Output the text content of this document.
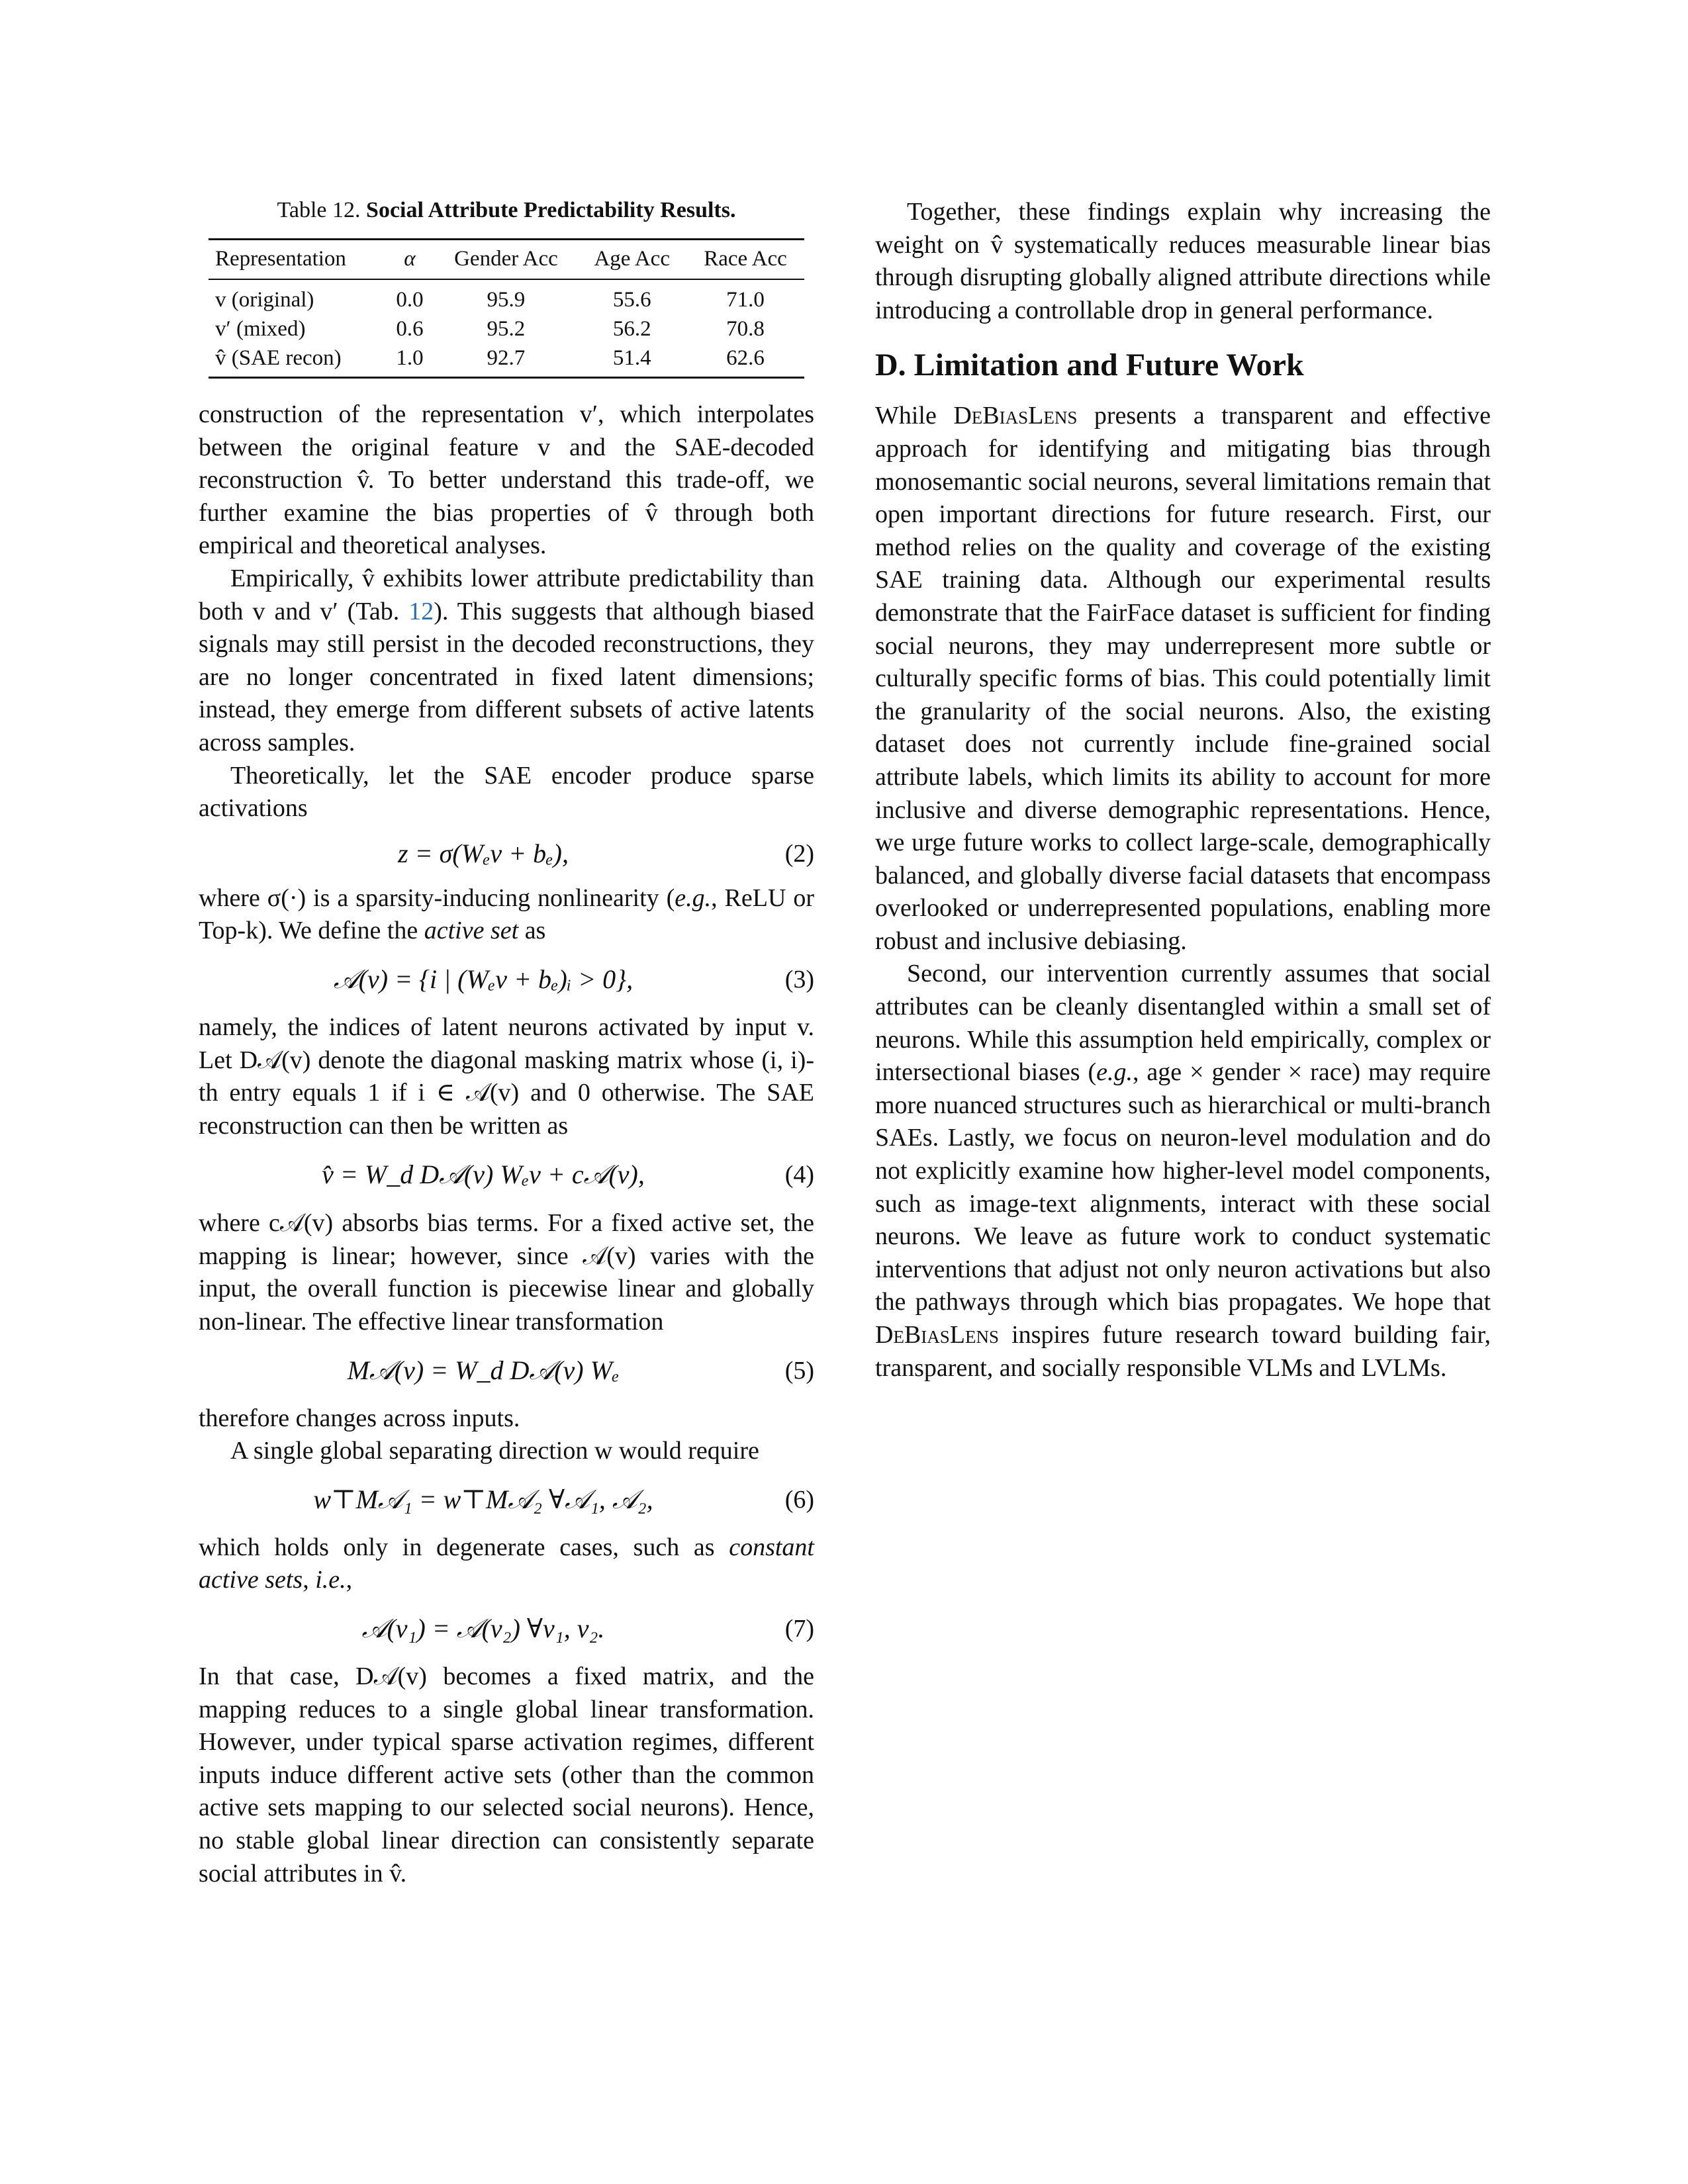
Table 12. Social Attribute Predictability Results.
Representation	α	Gender Acc	Age Acc	Race Acc
v (original)	0.0	95.9	55.6	71.0
v′ (mixed)	0.6	95.2	56.2	70.8
v̂ (SAE recon)	1.0	92.7	51.4	62.6

construction of the representation v′, which interpolates between the original feature v and the SAE-decoded reconstruction v̂. To better understand this trade-off, we further examine the bias properties of v̂ through both empirical and theoretical analyses.

Empirically, v̂ exhibits lower attribute predictability than both v and v′ (Tab. 12). This suggests that although biased signals may still persist in the decoded reconstructions, they are no longer concentrated in fixed latent dimensions; instead, they emerge from different subsets of active latents across samples.

Theoretically, let the SAE encoder produce sparse activations

z = σ(Wₑv + bₑ),	(2)

where σ(·) is a sparsity-inducing nonlinearity (e.g., ReLU or Top-k). We define the active set as

𝒜(v) = {i | (Wₑv + bₑ)ᵢ > 0},	(3)

namely, the indices of latent neurons activated by input v. Let D𝒜(v) denote the diagonal masking matrix whose (i, i)-th entry equals 1 if i ∈ 𝒜(v) and 0 otherwise. The SAE reconstruction can then be written as

v̂ = W_d D𝒜(v) Wₑv + c𝒜(v),	(4)

where c𝒜(v) absorbs bias terms. For a fixed active set, the mapping is linear; however, since 𝒜(v) varies with the input, the overall function is piecewise linear and globally non-linear. The effective linear transformation

M𝒜(v) = W_d D𝒜(v) Wₑ	(5)

therefore changes across inputs.

A single global separating direction w would require

w⊤M𝒜₁ = w⊤M𝒜₂ ∀𝒜₁, 𝒜₂,	(6)

which holds only in degenerate cases, such as constant active sets, i.e.,

𝒜(v₁) = 𝒜(v₂) ∀v₁, v₂.	(7)

In that case, D𝒜(v) becomes a fixed matrix, and the mapping reduces to a single global linear transformation. However, under typical sparse activation regimes, different inputs induce different active sets (other than the common active sets mapping to our selected social neurons). Hence, no stable global linear direction can consistently separate social attributes in v̂.

Together, these findings explain why increasing the weight on v̂ systematically reduces measurable linear bias through disrupting globally aligned attribute directions while introducing a controllable drop in general performance.

D. Limitation and Future Work

While DeBiasLens presents a transparent and effective approach for identifying and mitigating bias through monosemantic social neurons, several limitations remain that open important directions for future research. First, our method relies on the quality and coverage of the existing SAE training data. Although our experimental results demonstrate that the FairFace dataset is sufficient for finding social neurons, they may underrepresent more subtle or culturally specific forms of bias. This could potentially limit the granularity of the social neurons. Also, the existing dataset does not currently include fine-grained social attribute labels, which limits its ability to account for more inclusive and diverse demographic representations. Hence, we urge future works to collect large-scale, demographically balanced, and globally diverse facial datasets that encompass overlooked or underrepresented populations, enabling more robust and inclusive debiasing.

Second, our intervention currently assumes that social attributes can be cleanly disentangled within a small set of neurons. While this assumption held empirically, complex or intersectional biases (e.g., age × gender × race) may require more nuanced structures such as hierarchical or multi-branch SAEs. Lastly, we focus on neuron-level modulation and do not explicitly examine how higher-level model components, such as image-text alignments, interact with these social neurons. We leave as future work to conduct systematic interventions that adjust not only neuron activations but also the pathways through which bias propagates. We hope that DeBiasLens inspires future research toward building fair, transparent, and socially responsible VLMs and LVLMs.
